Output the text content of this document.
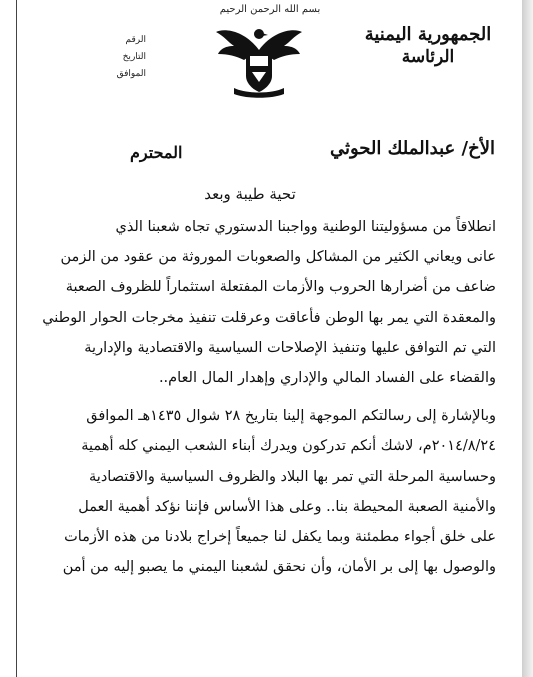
بسم الله الرحمن الرحيم
الجمهورية اليمنية
الرئاسة
الرقم
التاريخ
الموافق
الأخ/ عبدالملك الحوثي
المحترم
تحية طيبة وبعد

انطلاقاً من مسؤوليتنا الوطنية وواجبنا الدستوري تجاه شعبنا الذي

عانى ويعاني الكثير من المشاكل والصعوبات الموروثة من عقود من الزمن

ضاعف من أضرارها الحروب والأزمات المفتعلة استثماراً للظروف الصعبة

والمعقدة التي يمر بها الوطن فأعاقت وعرقلت تنفيذ مخرجات الحوار الوطني

التي تم التوافق عليها وتنفيذ الإصلاحات السياسية والاقتصادية والإدارية

والقضاء على الفساد المالي والإداري وإهدار المال العام..

وبالإشارة إلى رسالتكم الموجهة إلينا بتاريخ ٢٨ شوال ١٤٣٥هـ الموافق

٢٠١٤/٨/٢٤م، لاشك أنكم تدركون ويدرك أبناء الشعب اليمني كله أهمية

وحساسية المرحلة التي تمر بها البلاد والظروف السياسية والاقتصادية

والأمنية الصعبة المحيطة بنا.. وعلى هذا الأساس فإننا نؤكد أهمية العمل

على خلق أجواء مطمئنة وبما يكفل لنا جميعاً إخراج بلادنا من هذه الأزمات

والوصول بها إلى بر الأمان، وأن نحقق لشعبنا اليمني ما يصبو إليه من أمن
